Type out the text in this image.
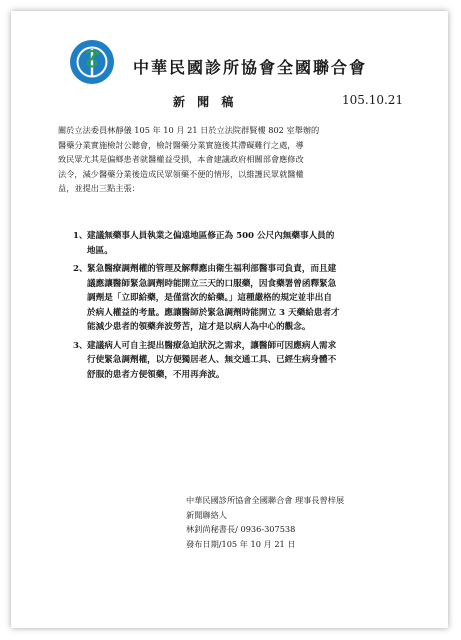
中華民國診所協會全國聯合會
新 聞 稿	105.10.21
關於立法委員林靜儀 105 年 10 月 21 日於立法院群賢樓 802 室舉辦的
醫藥分業實施檢討公聽會，檢討醫藥分業實施後其滯礙難行之處，導
致民眾尤其是偏鄉患者就醫權益受損，本會建議政府相關部會應修改
法令，減少醫藥分業後造成民眾領藥不便的情形，以維護民眾就醫權
益，並提出三點主張：
1、 建議無藥事人員執業之偏遠地區修正為 500 公尺內無藥事人員的
地區。
2、 緊急醫療調劑權的管理及解釋應由衛生福利部醫事司負責，而且建
議應讓醫師緊急調劑時能開立三天的口服藥，因食藥署曾函釋緊急
調劑是「立即給藥，是僅當次的給藥。」這種嚴格的規定並非出自
於病人權益的考量。應讓醫師於緊急調劑時能開立 3 天藥給患者才
能減少患者的領藥奔波勞苦，這才是以病人為中心的觀念。
3、 建議病人可自主提出醫療急迫狀況之需求，讓醫師可因應病人需求
行使緊急調劑權，以方便獨居老人、無交通工具、已經生病身體不
舒服的患者方便領藥，不用再奔波。
中華民國診所協會全國聯合會 理事長曾梓展
新聞聯絡人
林釗尚秘書長/ 0936-307538
發布日期/105 年 10 月 21 日
